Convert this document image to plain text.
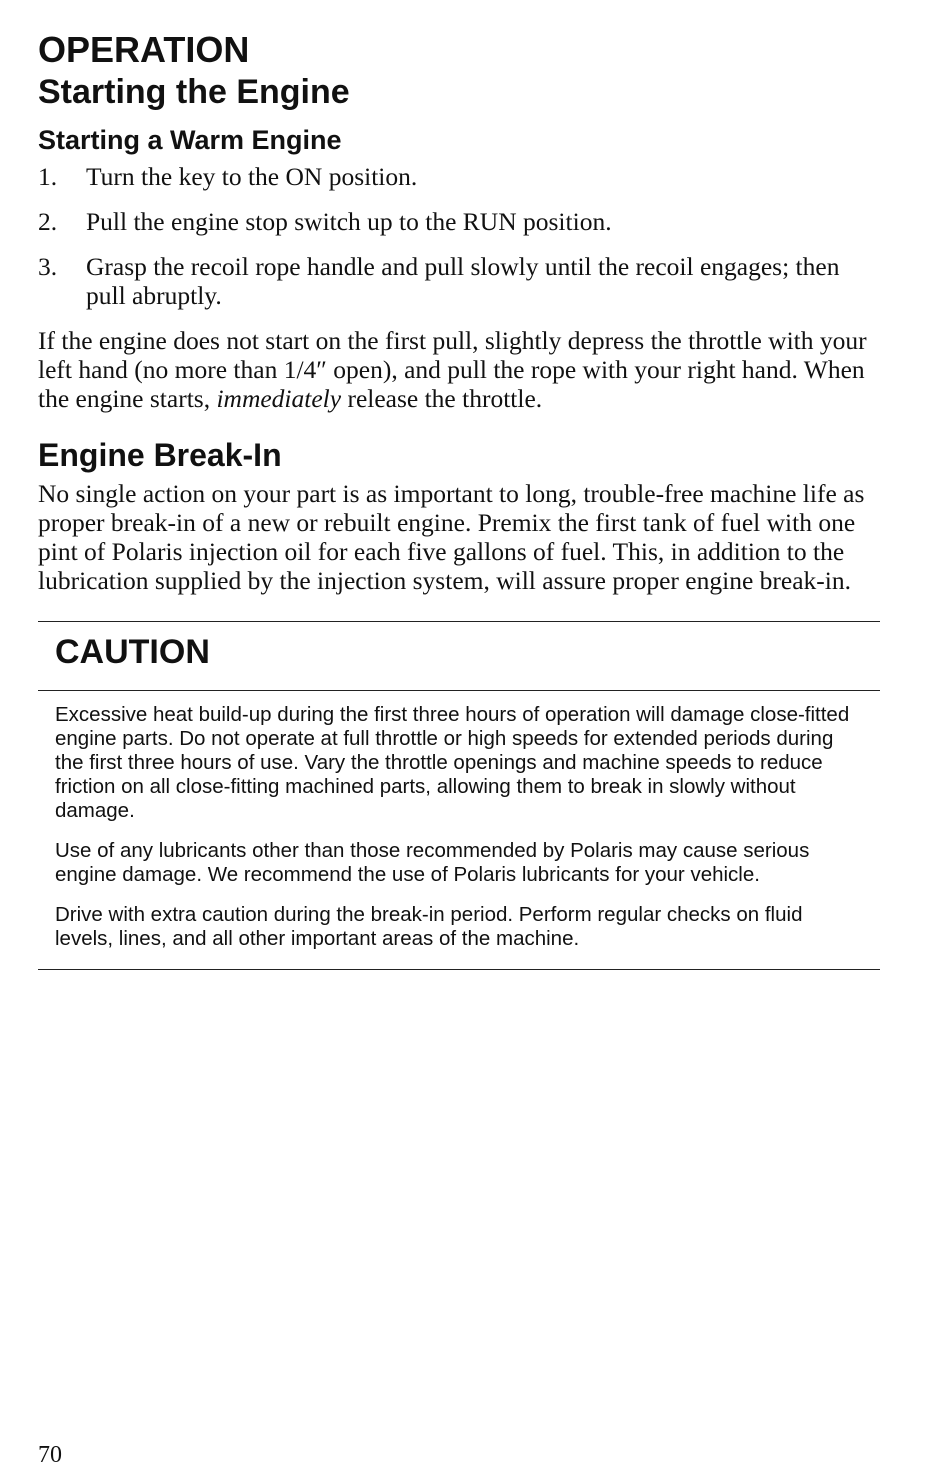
OPERATION
Starting the Engine
Starting a Warm Engine
1.	Turn the key to the ON position.
2.	Pull the engine stop switch up to the RUN position.
3.	Grasp the recoil rope handle and pull slowly until the recoil engages; then pull abruptly.

If the engine does not start on the first pull, slightly depress the throttle with your left hand (no more than 1/4″ open), and pull the rope with your right hand. When the engine starts, immediately release the throttle.

Engine Break-In

No single action on your part is as important to long, trouble-free machine life as proper break-in of a new or rebuilt engine. Premix the first tank of fuel with one pint of Polaris injection oil for each five gallons of fuel. This, in addition to the lubrication supplied by the injection system, will assure proper engine break-in.

CAUTION

Excessive heat build-up during the first three hours of operation will damage close-fitted engine parts. Do not operate at full throttle or high speeds for extended periods during the first three hours of use. Vary the throttle openings and machine speeds to reduce friction on all close-fitting machined parts, allowing them to break in slowly without damage.

Use of any lubricants other than those recommended by Polaris may cause serious engine damage. We recommend the use of Polaris lubricants for your vehicle.

Drive with extra caution during the break-in period. Perform regular checks on fluid levels, lines, and all other important areas of the machine.

70
